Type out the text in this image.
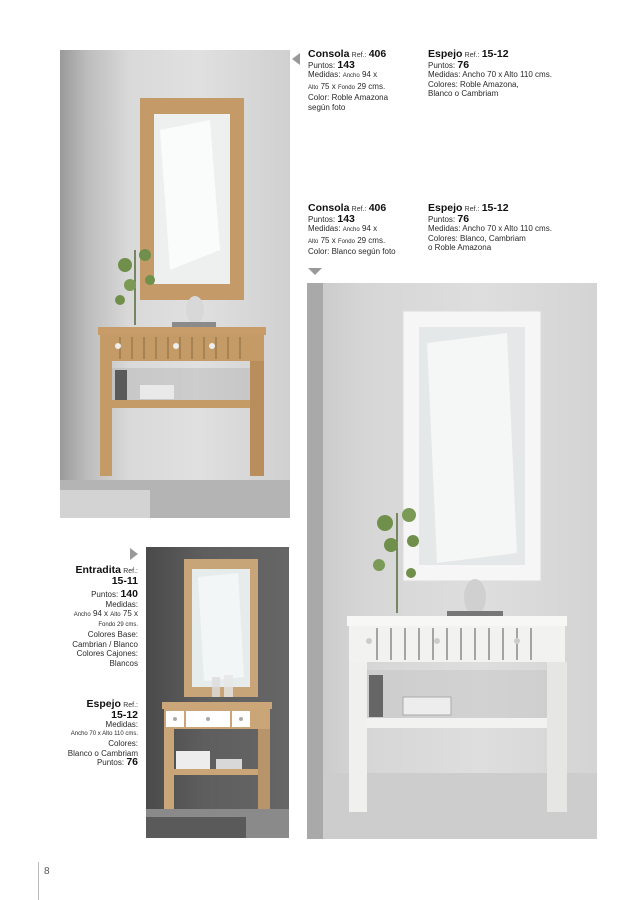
Consola Ref.: 406
Puntos: 143
Medidas: Ancho 94 x
Alto 75 x Fondo 29 cms.
Color: Roble Amazona
según foto
Espejo Ref.: 15-12
Puntos: 76
Medidas: Ancho 70 x Alto 110 cms.
Colores: Roble Amazona,
Blanco o Cambriam
Consola Ref.: 406
Puntos: 143
Medidas: Ancho 94 x
Alto 75 x Fondo 29 cms.
Color: Blanco según foto
Espejo Ref.: 15-12
Puntos: 76
Medidas: Ancho 70 x Alto 110 cms.
Colores: Blanco, Cambriam
o Roble Amazona
Entradita Ref.:
15-11
Puntos: 140
Medidas:
Ancho 94 x Alto 75 x
Fondo 29 cms.
Colores Base:
Cambrian / Blanco
Colores Cajones:
Blancos
Espejo Ref.:
15-12
Medidas:
Ancho 70 x Alto 110 cms.
Colores:
Blanco o Cambriam
Puntos: 76
8
